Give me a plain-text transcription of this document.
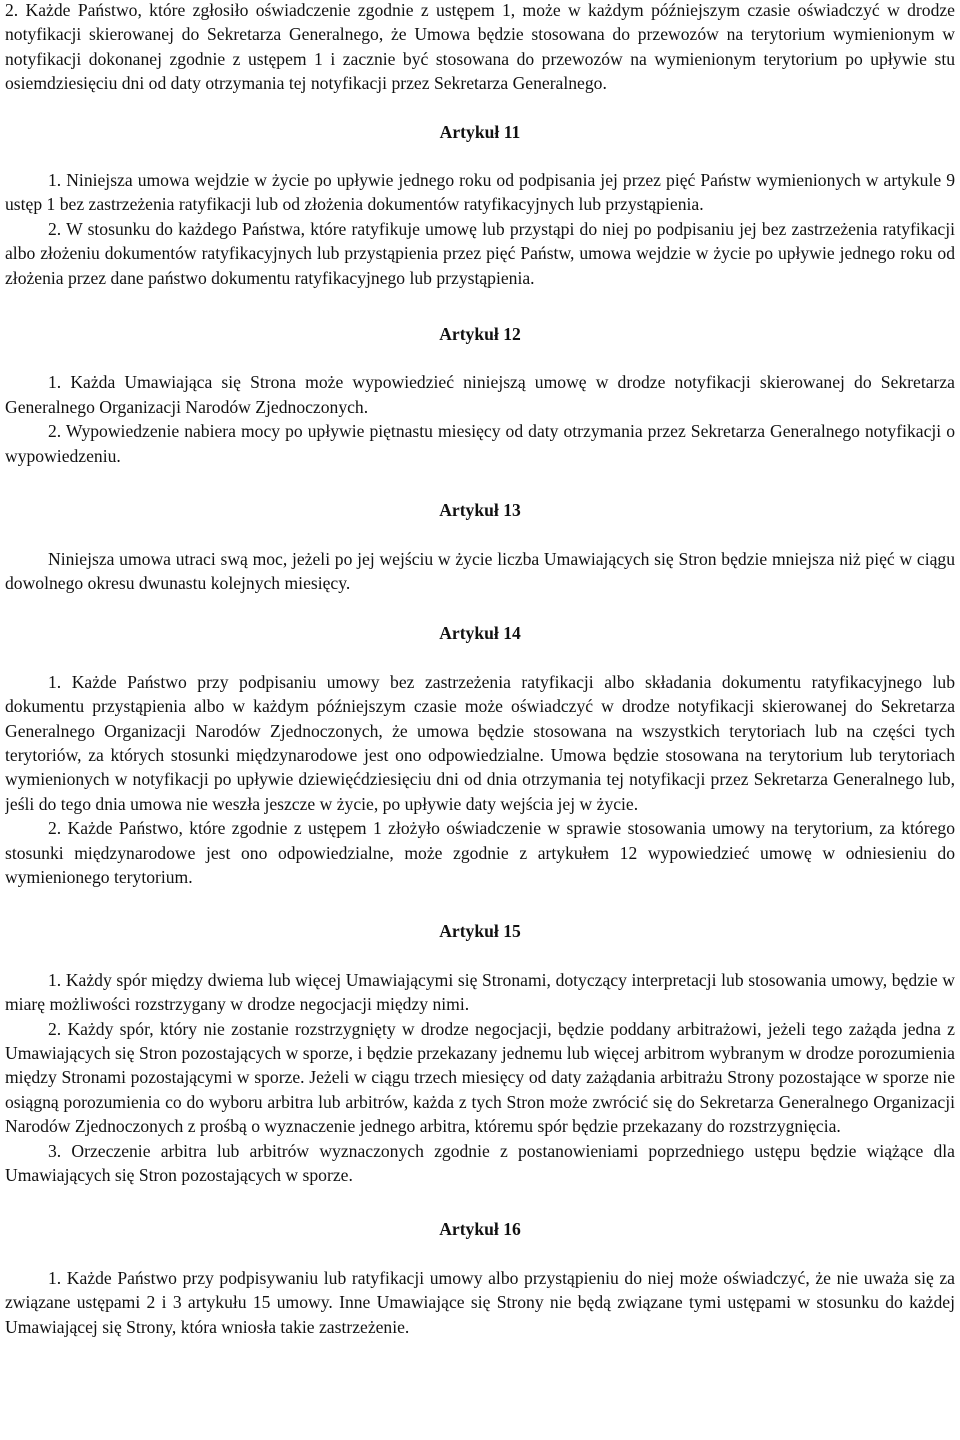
2. Każde Państwo, które zgłosiło oświadczenie zgodnie z ustępem 1, może w każdym późniejszym czasie oświadczyć w drodze notyfikacji skierowanej do Sekretarza Generalnego, że Umowa będzie stosowana do przewozów na terytorium wymienionym w notyfikacji dokonanej zgodnie z ustępem 1 i zacznie być stosowana do przewozów na wymienionym terytorium po upływie stu osiemdziesięciu dni od daty otrzymania tej notyfikacji przez Sekretarza Generalnego.

Artykuł 11

1. Niniejsza umowa wejdzie w życie po upływie jednego roku od podpisania jej przez pięć Państw wymienionych w artykule 9 ustęp 1 bez zastrzeżenia ratyfikacji lub od złożenia dokumentów ratyfikacyjnych lub przystąpienia.

2. W stosunku do każdego Państwa, które ratyfikuje umowę lub przystąpi do niej po podpisaniu jej bez zastrzeżenia ratyfikacji albo złożeniu dokumentów ratyfikacyjnych lub przystąpienia przez pięć Państw, umowa wejdzie w życie po upływie jednego roku od złożenia przez dane państwo dokumentu ratyfikacyjnego lub przystąpienia.

Artykuł 12

1. Każda Umawiająca się Strona może wypowiedzieć niniejszą umowę w drodze notyfikacji skierowanej do Sekretarza Generalnego Organizacji Narodów Zjednoczonych.

2. Wypowiedzenie nabiera mocy po upływie piętnastu miesięcy od daty otrzymania przez Sekretarza Generalnego notyfikacji o wypowiedzeniu.

Artykuł 13

Niniejsza umowa utraci swą moc, jeżeli po jej wejściu w życie liczba Umawiających się Stron będzie mniejsza niż pięć w ciągu dowolnego okresu dwunastu kolejnych miesięcy.

Artykuł 14

1. Każde Państwo przy podpisaniu umowy bez zastrzeżenia ratyfikacji albo składania dokumentu ratyfikacyjnego lub dokumentu przystąpienia albo w każdym późniejszym czasie może oświadczyć w drodze notyfikacji skierowanej do Sekretarza Generalnego Organizacji Narodów Zjednoczonych, że umowa będzie stosowana na wszystkich terytoriach lub na części tych terytoriów, za których stosunki międzynarodowe jest ono odpowiedzialne. Umowa będzie stosowana na terytorium lub terytoriach wymienionych w notyfikacji po upływie dziewięćdziesięciu dni od dnia otrzymania tej notyfikacji przez Sekretarza Generalnego lub, jeśli do tego dnia umowa nie weszła jeszcze w życie, po upływie daty wejścia jej w życie.

2. Każde Państwo, które zgodnie z ustępem 1 złożyło oświadczenie w sprawie stosowania umowy na terytorium, za którego stosunki międzynarodowe jest ono odpowiedzialne, może zgodnie z artykułem 12 wypowiedzieć umowę w odniesieniu do wymienionego terytorium.

Artykuł 15

1. Każdy spór między dwiema lub więcej Umawiającymi się Stronami, dotyczący interpretacji lub stosowania umowy, będzie w miarę możliwości rozstrzygany w drodze negocjacji między nimi.

2. Każdy spór, który nie zostanie rozstrzygnięty w drodze negocjacji, będzie poddany arbitrażowi, jeżeli tego zażąda jedna z Umawiających się Stron pozostających w sporze, i będzie przekazany jednemu lub więcej arbitrom wybranym w drodze porozumienia między Stronami pozostającymi w sporze. Jeżeli w ciągu trzech miesięcy od daty zażądania arbitrażu Strony pozostające w sporze nie osiągną porozumienia co do wyboru arbitra lub arbitrów, każda z tych Stron może zwrócić się do Sekretarza Generalnego Organizacji Narodów Zjednoczonych z prośbą o wyznaczenie jednego arbitra, któremu spór będzie przekazany do rozstrzygnięcia.

3. Orzeczenie arbitra lub arbitrów wyznaczonych zgodnie z postanowieniami poprzedniego ustępu będzie wiążące dla Umawiających się Stron pozostających w sporze.

Artykuł 16

1. Każde Państwo przy podpisywaniu lub ratyfikacji umowy albo przystąpieniu do niej może oświadczyć, że nie uważa się za związane ustępami 2 i 3 artykułu 15 umowy. Inne Umawiające się Strony nie będą związane tymi ustępami w stosunku do każdej Umawiającej się Strony, która wniosła takie zastrzeżenie.
